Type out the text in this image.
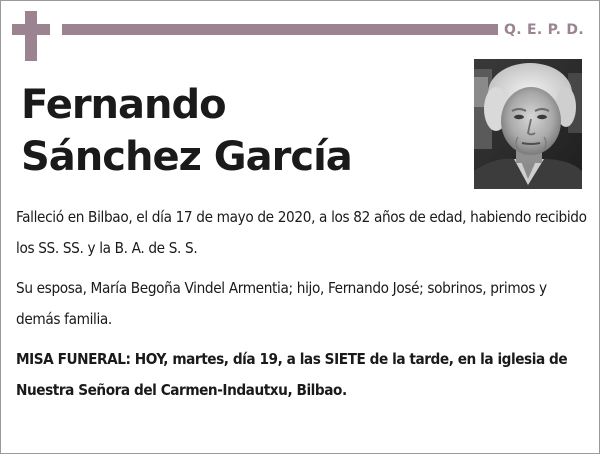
Q. E. P. D.
Fernando
Sánchez García

Falleció en Bilbao, el día 17 de mayo de 2020, a los 82 años de edad, habiendo recibido los SS. SS. y la B. A. de S. S.

Su esposa, María Begoña Vindel Armentia; hijo, Fernando José; sobrinos, primos y demás familia.

MISA FUNERAL: HOY, martes, día 19, a las SIETE de la tarde, en la iglesia de Nuestra Señora del Carmen-Indautxu, Bilbao.
